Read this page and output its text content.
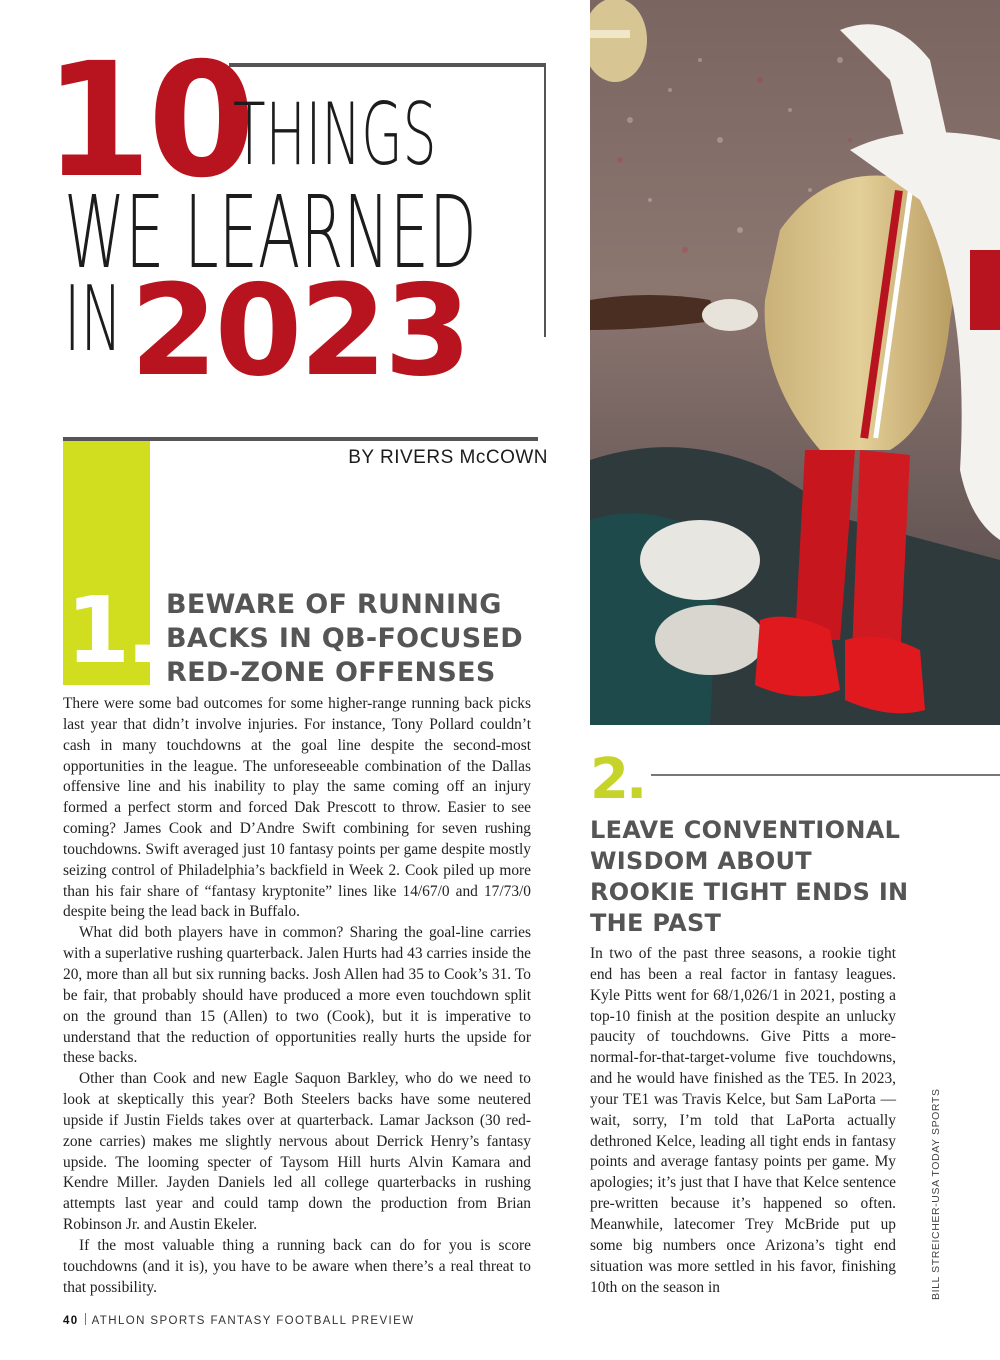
10
THINGS
WE LEARNED
IN 2023
BY RIVERS McCOWN
1. BEWARE OF RUNNING BACKS IN QB-FOCUSED RED-ZONE OFFENSES

There were some bad outcomes for some higher-range running back picks last year that didn’t involve injuries. For instance, Tony Pollard couldn’t cash in many touchdowns at the goal line despite the second-most opportunities in the league. The unforeseeable combination of the Dallas offensive line and his inability to play the same coming off an injury formed a perfect storm and forced Dak Prescott to throw. Easier to see coming? James Cook and D’Andre Swift combining for seven rushing touchdowns. Swift averaged just 10 fantasy points per game despite mostly seizing control of Philadelphia’s backfield in Week 2. Cook piled up more than his fair share of “fantasy kryptonite” lines like 14/67/0 and 17/73/0 despite being the lead back in Buffalo.

What did both players have in common? Sharing the goal-line carries with a superlative rushing quarterback. Jalen Hurts had 43 carries inside the 20, more than all but six running backs. Josh Allen had 35 to Cook’s 31. To be fair, that probably should have produced a more even touchdown split on the ground than 15 (Allen) to two (Cook), but it is imperative to understand that the reduction of opportunities really hurts the upside for these backs.

Other than Cook and new Eagle Saquon Barkley, who do we need to look at skeptically this year? Both Steelers backs have some neutered upside if Justin Fields takes over at quarterback. Lamar Jackson (30 red-zone carries) makes me slightly nervous about Derrick Henry’s fantasy upside. The looming specter of Taysom Hill hurts Alvin Kamara and Kendre Miller. Jayden Daniels led all college quarterbacks in rushing attempts last year and could tamp down the production from Brian Robinson Jr. and Austin Ekeler.

If the most valuable thing a running back can do for you is score touchdowns (and it is), you have to be aware when there’s a real threat to that possibility.

2.
LEAVE CONVENTIONAL WISDOM ABOUT ROOKIE TIGHT ENDS IN THE PAST

In two of the past three seasons, a rookie tight end has been a real factor in fantasy leagues. Kyle Pitts went for 68/1,026/1 in 2021, posting a top-10 finish at the position despite an unlucky paucity of touchdowns. Give Pitts a more-normal-for-that-target-volume five touchdowns, and he would have finished as the TE5. In 2023, your TE1 was Travis Kelce, but Sam LaPorta — wait, sorry, I’m told that LaPorta actually dethroned Kelce, leading all tight ends in fantasy points and average fantasy points per game. My apologies; it’s just that I have that Kelce sentence pre-written because it’s happened so often. Meanwhile, latecomer Trey McBride put up some big numbers once Arizona’s tight end situation was more settled in his favor, finishing 10th on the season in	BILL STREICHER-USA TODAY SPORTS
40 ATHLON SPORTS FANTASY FOOTBALL PREVIEW
